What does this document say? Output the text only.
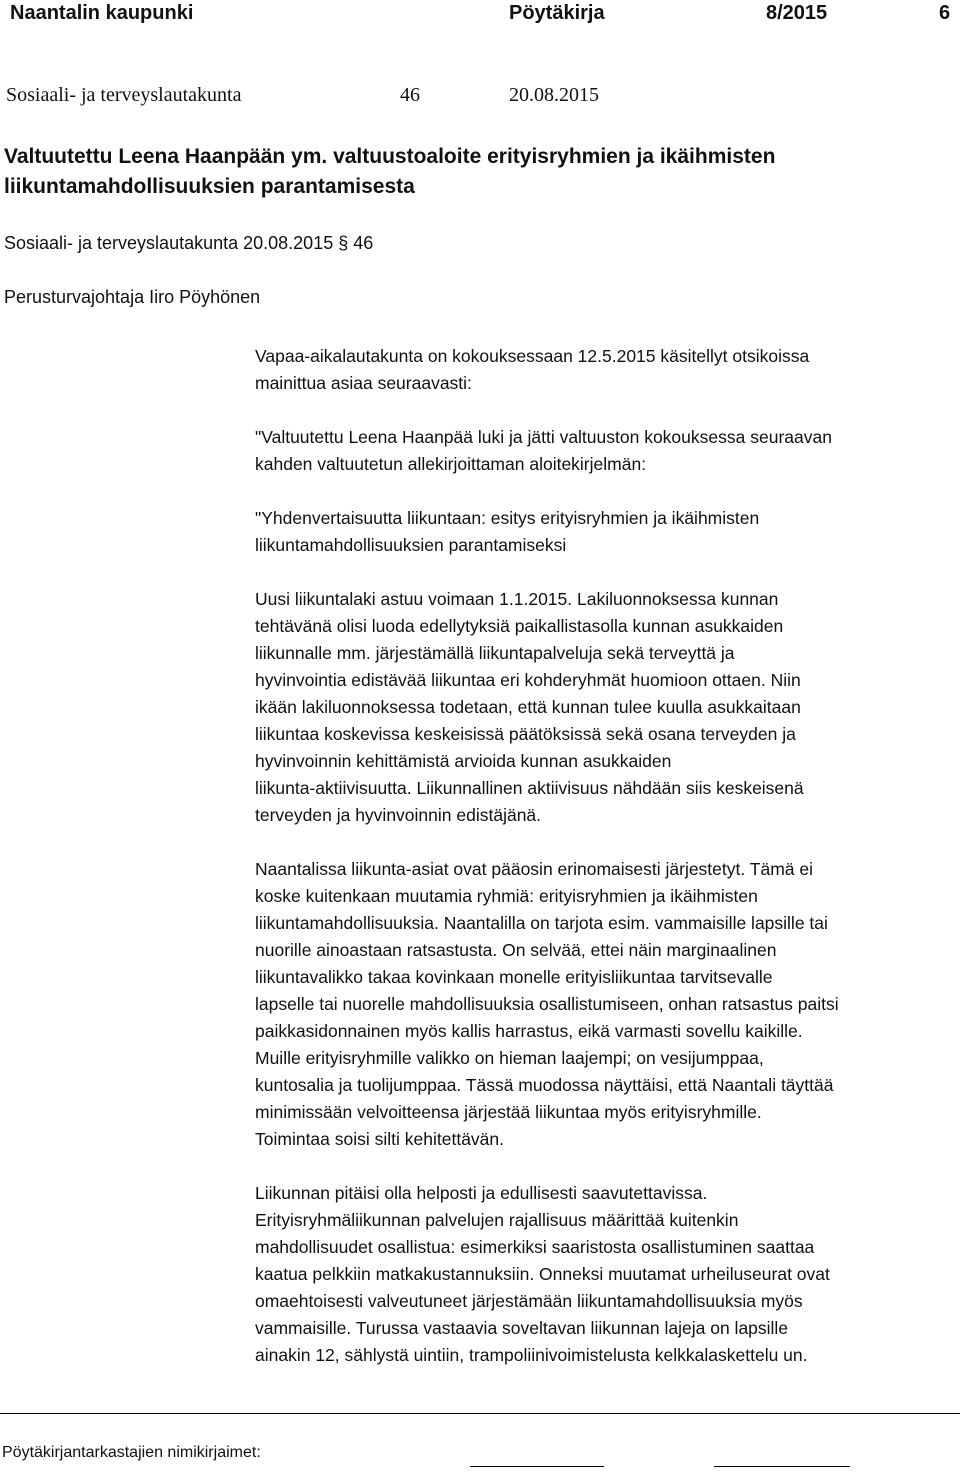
Naantalin kaupunki	Pöytäkirja	8/2015	6
Sosiaali- ja terveyslautakunta	46	20.08.2015
Valtuutettu Leena Haanpään ym. valtuustoaloite erityisryhmien ja ikäihmisten liikuntamahdollisuuksien parantamisesta
Sosiaali- ja terveyslautakunta 20.08.2015 § 46
Perusturvajohtaja Iiro Pöyhönen

Vapaa-aikalautakunta on kokouksessaan 12.5.2015 käsitellyt otsikoissa
mainittua asiaa seuraavasti:

"Valtuutettu Leena Haanpää luki ja jätti valtuuston kokouksessa seuraavan
kahden valtuutetun allekirjoittaman aloitekirjelmän:

"Yhdenvertaisuutta liikuntaan: esitys erityisryhmien ja ikäihmisten
liikuntamahdollisuuksien parantamiseksi

Uusi liikuntalaki astuu voimaan 1.1.2015. Lakiluonnoksessa kunnan
tehtävänä olisi luoda edellytyksiä paikallistasolla kunnan asukkaiden
liikunnalle mm. järjestämällä liikuntapalveluja sekä terveyttä ja
hyvinvointia edistävää liikuntaa eri kohderyhmät huomioon ottaen. Niin
ikään lakiluonnoksessa todetaan, että kunnan tulee kuulla asukkaitaan
liikuntaa koskevissa keskeisissä päätöksissä sekä osana terveyden ja
hyvinvoinnin kehittämistä arvioida kunnan asukkaiden
liikunta-aktiivisuutta. Liikunnallinen aktiivisuus nähdään siis keskeisenä
terveyden ja hyvinvoinnin edistäjänä.

Naantalissa liikunta-asiat ovat pääosin erinomaisesti järjestetyt. Tämä ei
koske kuitenkaan muutamia ryhmiä: erityisryhmien ja ikäihmisten
liikuntamahdollisuuksia. Naantalilla on tarjota esim. vammaisille lapsille tai
nuorille ainoastaan ratsastusta. On selvää, ettei näin marginaalinen
liikuntavalikko takaa kovinkaan monelle erityisliikuntaa tarvitsevalle
lapselle tai nuorelle mahdollisuuksia osallistumiseen, onhan ratsastus paitsi
paikkasidonnainen myös kallis harrastus, eikä varmasti sovellu kaikille.
Muille erityisryhmille valikko on hieman laajempi; on vesijumppaa,
kuntosalia ja tuolijumppaa. Tässä muodossa näyttäisi, että Naantali täyttää
minimissään velvoitteensa järjestää liikuntaa myös erityisryhmille.
Toimintaa soisi silti kehitettävän.

Liikunnan pitäisi olla helposti ja edullisesti saavutettavissa.
Erityisryhmäliikunnan palvelujen rajallisuus määrittää kuitenkin
mahdollisuudet osallistua: esimerkiksi saaristosta osallistuminen saattaa
kaatua pelkkiin matkakustannuksiin. Onneksi muutamat urheiluseurat ovat
omaehtoisesti valveutuneet järjestämään liikuntamahdollisuuksia myös
vammaisille. Turussa vastaavia soveltavan liikunnan lajeja on lapsille
ainakin 12, sählystä uintiin, trampoliinivoimistelusta kelkkalaskettelu un.

Pöytäkirjantarkastajien nimikirjaimet:
